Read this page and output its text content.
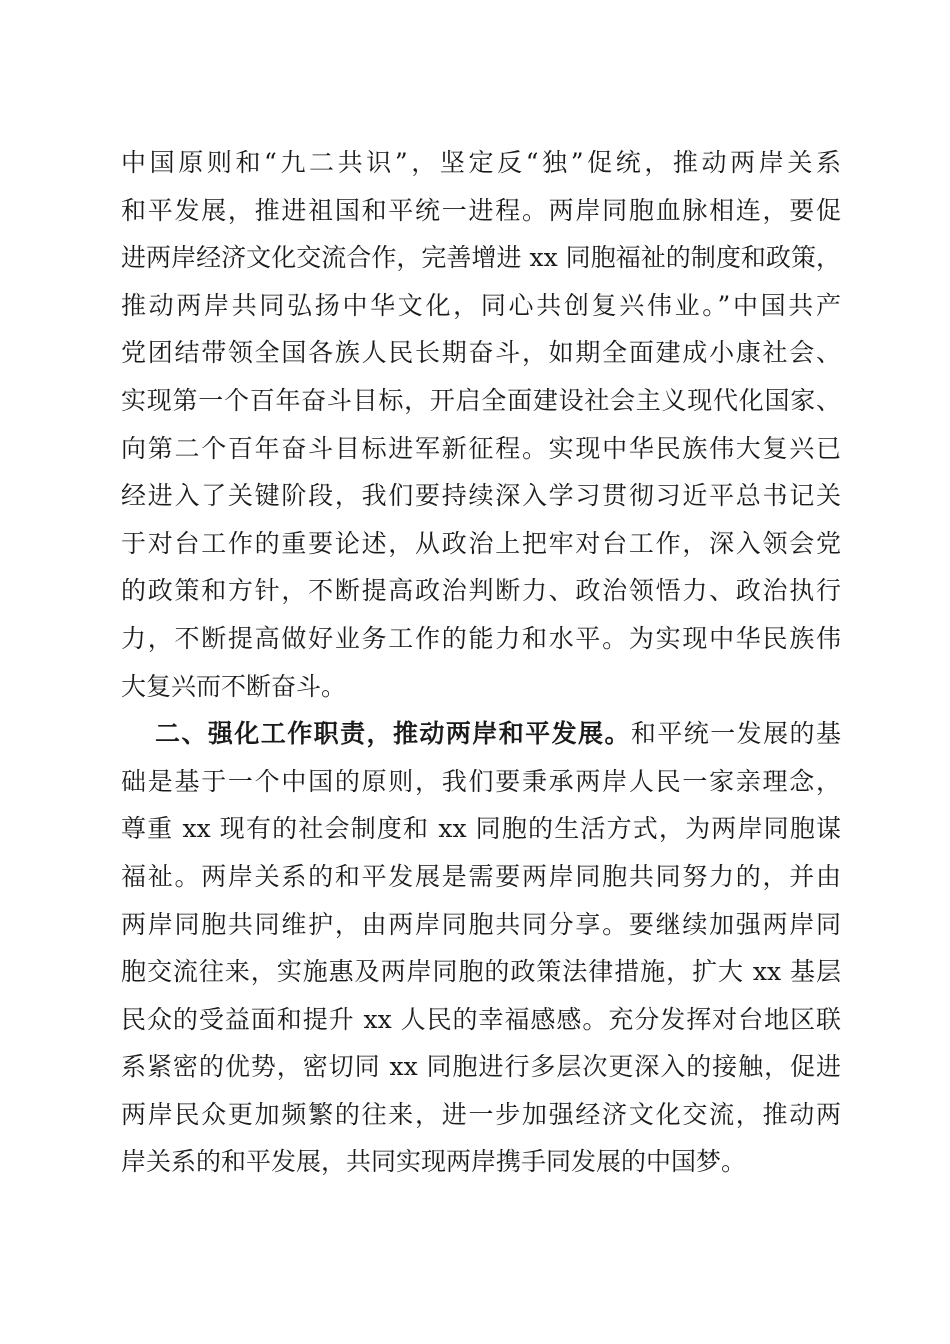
中国原则和“九二共识”，坚定反“独”促统，推动两岸关系
和平发展，推进祖国和平统一进程。两岸同胞血脉相连，要促
进两岸经济文化交流合作，完善增进 xx 同胞福祉的制度和政策，
推动两岸共同弘扬中华文化，同心共创复兴伟业。”中国共产
党团结带领全国各族人民长期奋斗，如期全面建成小康社会、
实现第一个百年奋斗目标，开启全面建设社会主义现代化国家、
向第二个百年奋斗目标进军新征程。实现中华民族伟大复兴已
经进入了关键阶段，我们要持续深入学习贯彻习近平总书记关
于对台工作的重要论述，从政治上把牢对台工作，深入领会党
的政策和方针，不断提高政治判断力、政治领悟力、政治执行
力，不断提高做好业务工作的能力和水平。为实现中华民族伟
大复兴而不断奋斗。
二、强化工作职责，推动两岸和平发展。和平统一发展的基
础是基于一个中国的原则，我们要秉承两岸人民一家亲理念，
尊重 xx 现有的社会制度和 xx 同胞的生活方式，为两岸同胞谋
福祉。两岸关系的和平发展是需要两岸同胞共同努力的，并由
两岸同胞共同维护，由两岸同胞共同分享。要继续加强两岸同
胞交流往来，实施惠及两岸同胞的政策法律措施，扩大 xx 基层
民众的受益面和提升 xx 人民的幸福感感。充分发挥对台地区联
系紧密的优势，密切同 xx 同胞进行多层次更深入的接触，促进
两岸民众更加频繁的往来，进一步加强经济文化交流，推动两
岸关系的和平发展，共同实现两岸携手同发展的中国梦。
